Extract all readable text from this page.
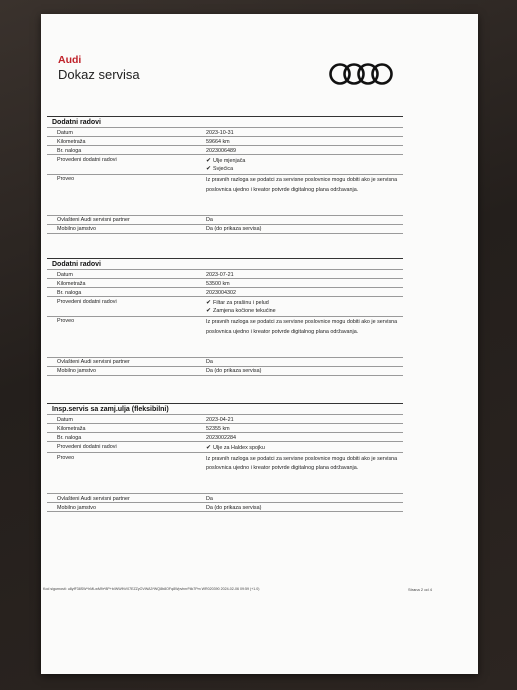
Audi
Dokaz servisa
Dodatni radovi
Datum	2023-10-31
Kilometraža	59664 km
Br. naloga	2023006489
Provedeni dodatni radovi	✔ Ulje mjenjača
✔ Svjećica
Proveo	Iz pravnih razloga se podatci za servisne poslovnice mogu dobiti ako je servisna poslovnica ujedno i kreator potvrde digitalnog plana održavanja.
Ovlašteni Audi servisni partner	Da
Mobilno jamstvo	Da (do prikaza servisa)
Dodatni radovi
Datum	2023-07-21
Kilometraža	53500 km
Br. naloga	2023004302
Provedeni dodatni radovi	✔ Filtar za prašinu i pelud
✔ Zamjena kočione tekućine
Proveo	Iz pravnih razloga se podatci za servisne poslovnice mogu dobiti ako je servisna poslovnica ujedno i kreator potvrde digitalnog plana održavanja.
Ovlašteni Audi servisni partner	Da
Mobilno jamstvo	Da (do prikaza servisa)
Insp.servis sa zamj.ulja (fleksibilni)
Datum	2023-04-21
Kilometraža	52355 km
Br. naloga	2023002284
Provedeni dodatni radovi	✔ Ulje za Haldex spojku
Proveo	Iz pravnih razloga se podatci za servisne poslovnice mogu dobiti ako je servisna poslovnica ujedno i kreator potvrde digitalnog plana održavanja.
Ovlašteni Audi servisni partner	Da
Mobilno jamstvo	Da (do prikaza servisa)
Kod sigurnosti: u8yfF38SW^hMLwM9r*8P+b/WWfhV07EZZyOVWA3*WQ8b8OFq8WpvhnrFtik7Pm WR020390 2024-02-06 09:59 (+1.0)	Strana 2 od 4
